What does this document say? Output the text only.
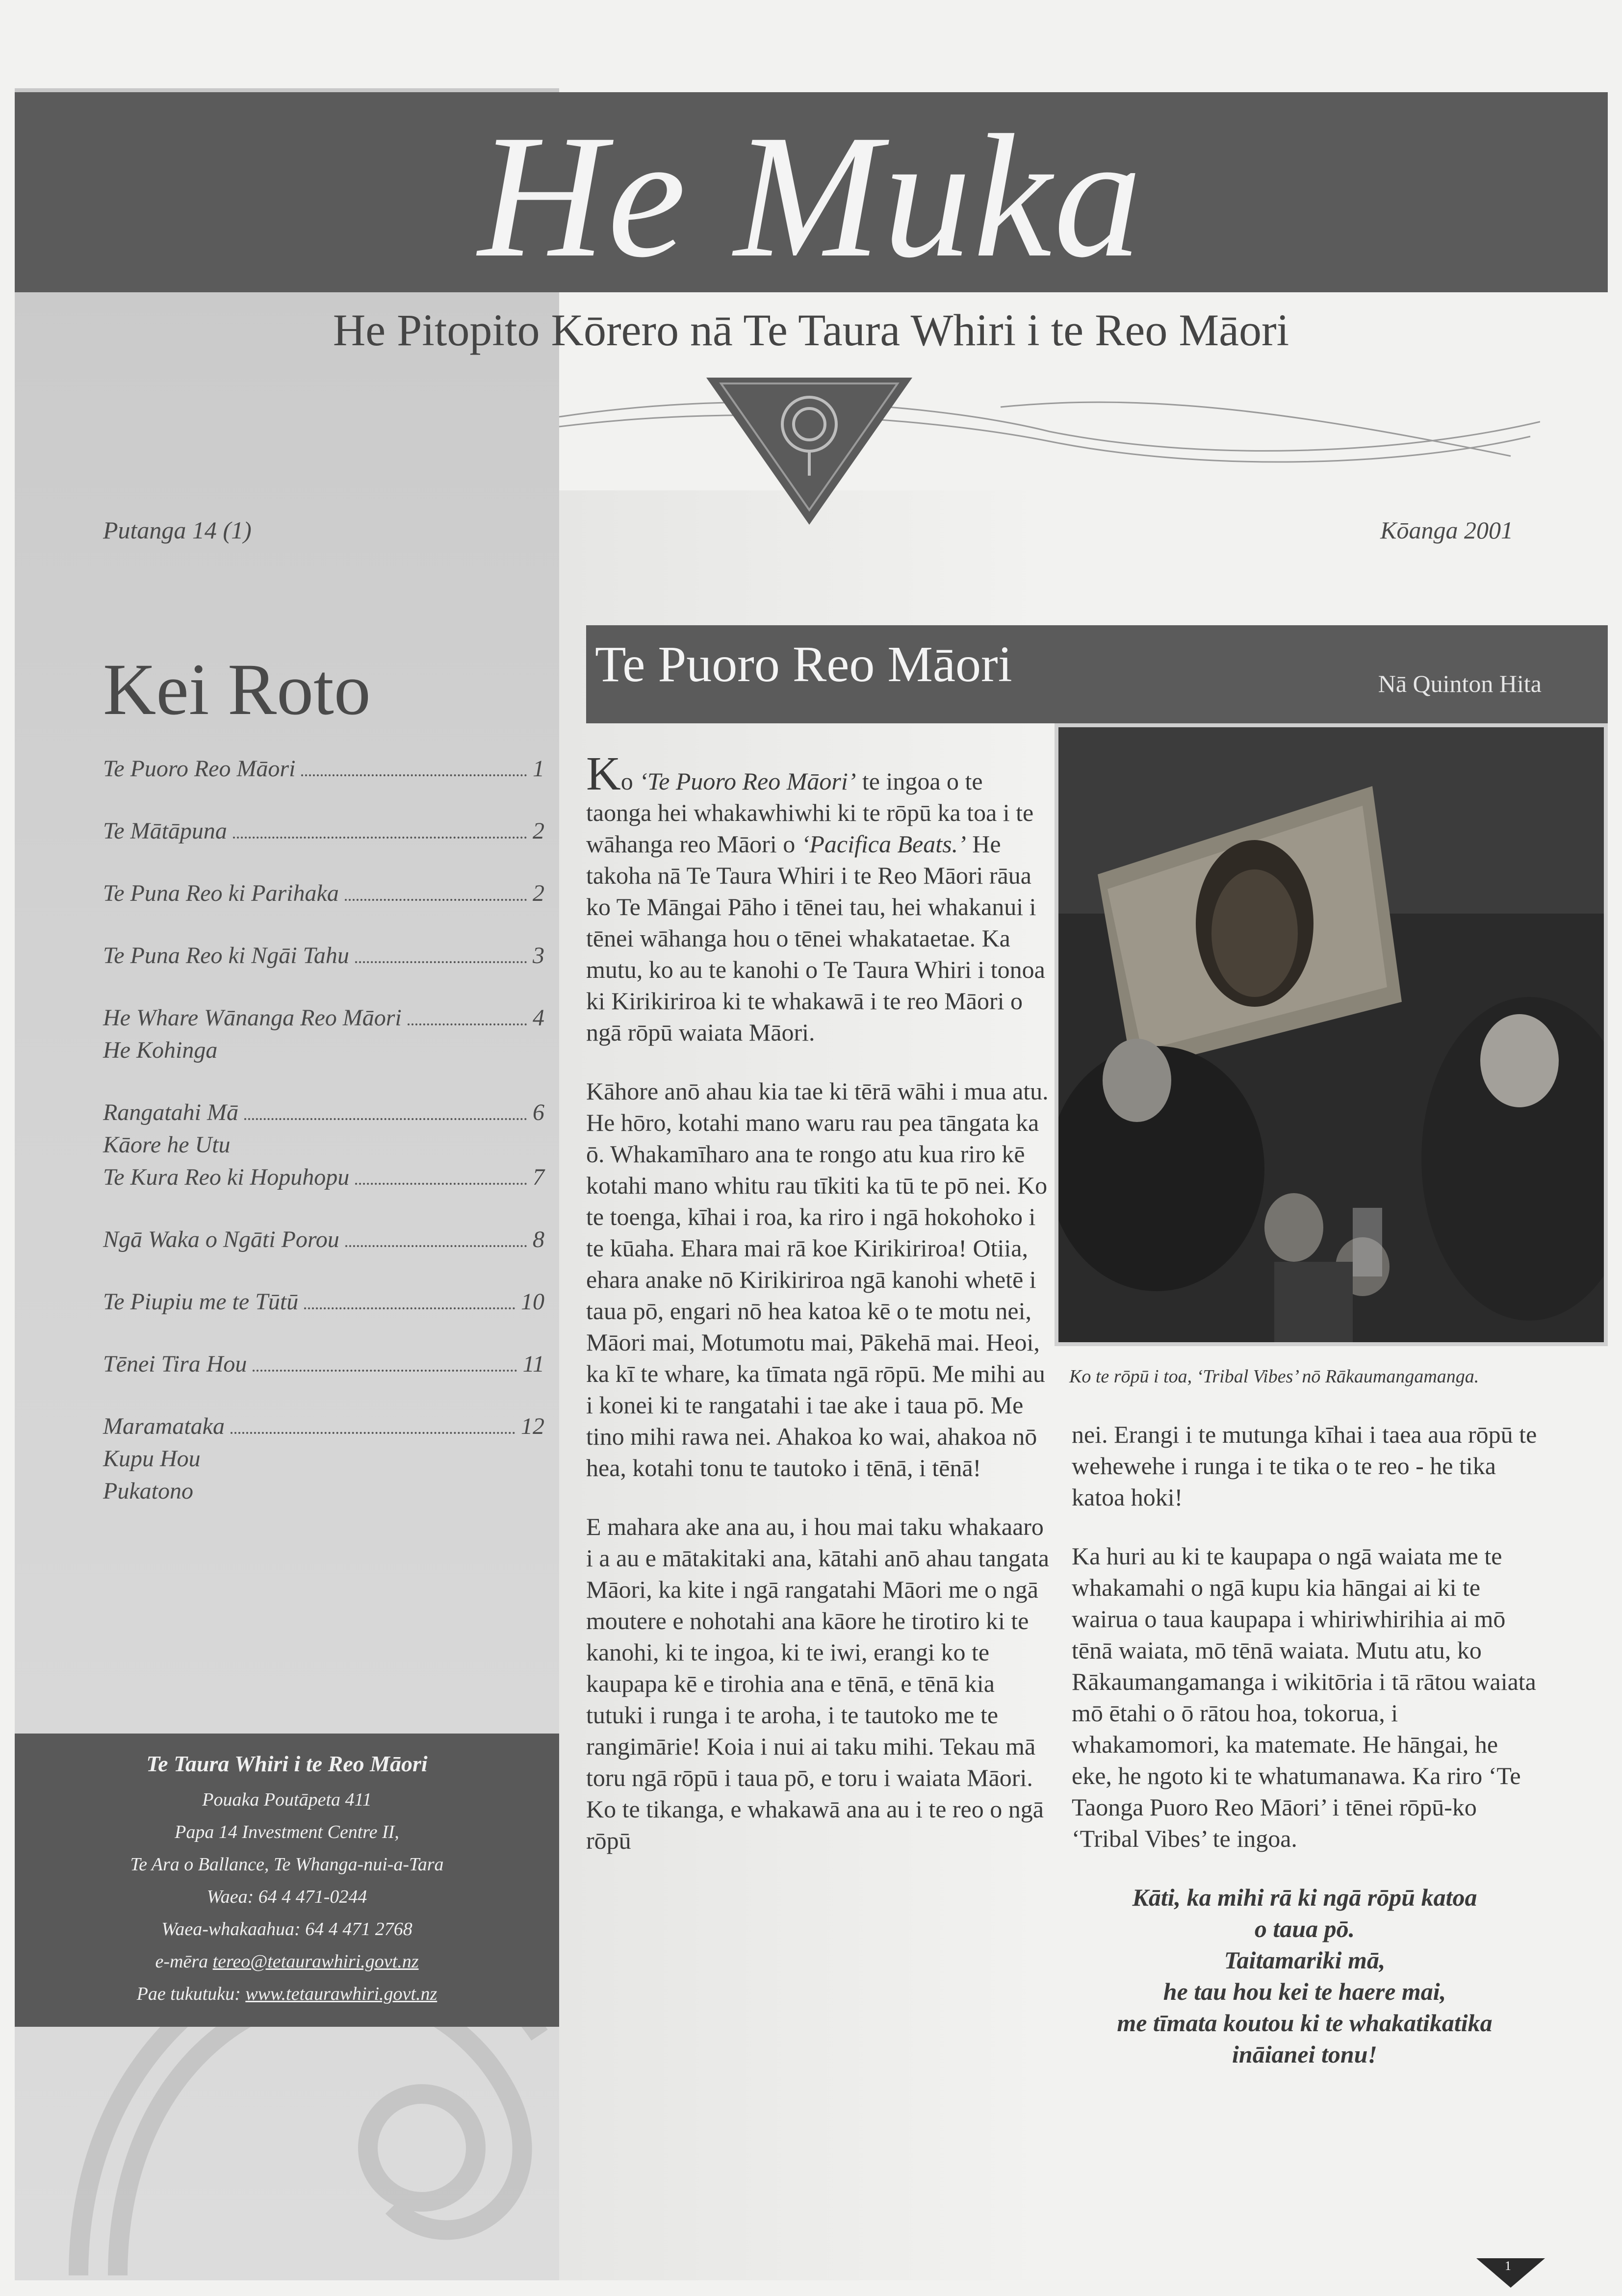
He Muka
He Pitopito Kōrero nā Te Taura Whiri i te Reo Māori
Putanga 14 (1)	Kōanga 2001
Kei Roto
Te Puoro Reo Māori	1
Te Mātāpuna	2
Te Puna Reo ki Parihaka	2
Te Puna Reo ki Ngāi Tahu	3
He Whare Wānanga Reo Māori	4
He Kohinga
Rangatahi Mā	6
Kāore he Utu
Te Kura Reo ki Hopuhopu	7
Ngā Waka o Ngāti Porou	8
Te Piupiu me te Tūtū	10
Tēnei Tira Hou	11
Maramataka	12
Kupu Hou
Pukatono
Te Taura Whiri i te Reo Māori
Pouaka Poutāpeta 411
Papa 14 Investment Centre II,
Te Ara o Ballance, Te Whanga-nui-a-Tara
Waea: 64 4 471-0244
Waea-whakaahua: 64 4 471 2768
e-mēra tereo@tetaurawhiri.govt.nz
Pae tukutuku: www.tetaurawhiri.govt.nz
Te Puoro Reo Māori	Nā Quinton Hita

Ko ‘Te Puoro Reo Māori’ te ingoa o te taonga hei whakawhiwhi ki te rōpū ka toa i te wāhanga reo Māori o ‘Pacifica Beats.’ He takoha nā Te Taura Whiri i te Reo Māori rāua ko Te Māngai Pāho i tēnei tau, hei whakanui i tēnei wāhanga hou o tēnei whakataetae. Ka mutu, ko au te kanohi o Te Taura Whiri i tonoa ki Kirikiriroa ki te whakawā i te reo Māori o ngā rōpū waiata Māori.

Kāhore anō ahau kia tae ki tērā wāhi i mua atu. He hōro, kotahi mano waru rau pea tāngata ka ō. Whakamīharo ana te rongo atu kua riro kē kotahi mano whitu rau tīkiti ka tū te pō nei. Ko te toenga, kīhai i roa, ka riro i ngā hokohoko i te kūaha. Ehara mai rā koe Kirikiriroa! Otiia, ehara anake nō Kirikiriroa ngā kanohi whetē i taua pō, engari nō hea katoa kē o te motu nei, Māori mai, Motumotu mai, Pākehā mai. Heoi, ka kī te whare, ka tīmata ngā rōpū. Me mihi au i konei ki te rangatahi i tae ake i taua pō. Me tino mihi rawa nei. Ahakoa ko wai, ahakoa nō hea, kotahi tonu te tautoko i tēnā, i tēnā!

E mahara ake ana au, i hou mai taku whakaaro i a au e mātakitaki ana, kātahi anō ahau tangata Māori, ka kite i ngā rangatahi Māori me o ngā moutere e nohotahi ana kāore he tirotiro ki te kanohi, ki te ingoa, ki te iwi, erangi ko te kaupapa kē e tirohia ana e tēnā, e tēnā kia tutuki i runga i te aroha, i te tautoko me te rangimārie! Koia i nui ai taku mihi. Tekau mā toru ngā rōpū i taua pō, e toru i waiata Māori. Ko te tikanga, e whakawā ana au i te reo o ngā rōpū

Ko te rōpū i toa, ‘Tribal Vibes’ nō Rākaumangamanga.

nei. Erangi i te mutunga kīhai i taea aua rōpū te wehewehe i runga i te tika o te reo - he tika katoa hoki!

Ka huri au ki te kaupapa o ngā waiata me te whakamahi o ngā kupu kia hāngai ai ki te wairua o taua kaupapa i whiriwhirihia ai mō tēnā waiata, mō tēnā waiata. Mutu atu, ko Rākaumangamanga i wikitōria i tā rātou waiata mō ētahi o ō rātou hoa, tokorua, i whakamomori, ka matemate. He hāngai, he eke, he ngoto ki te whatumanawa. Ka riro ‘Te Taonga Puoro Reo Māori’ i tēnei rōpū-ko ‘Tribal Vibes’ te ingoa.

Kāti, ka mihi rā ki ngā rōpū katoa
o taua pō.
Taitamariki mā,
he tau hou kei te haere mai,
me tīmata koutou ki te whakatikatika
ināianei tonu!
1
